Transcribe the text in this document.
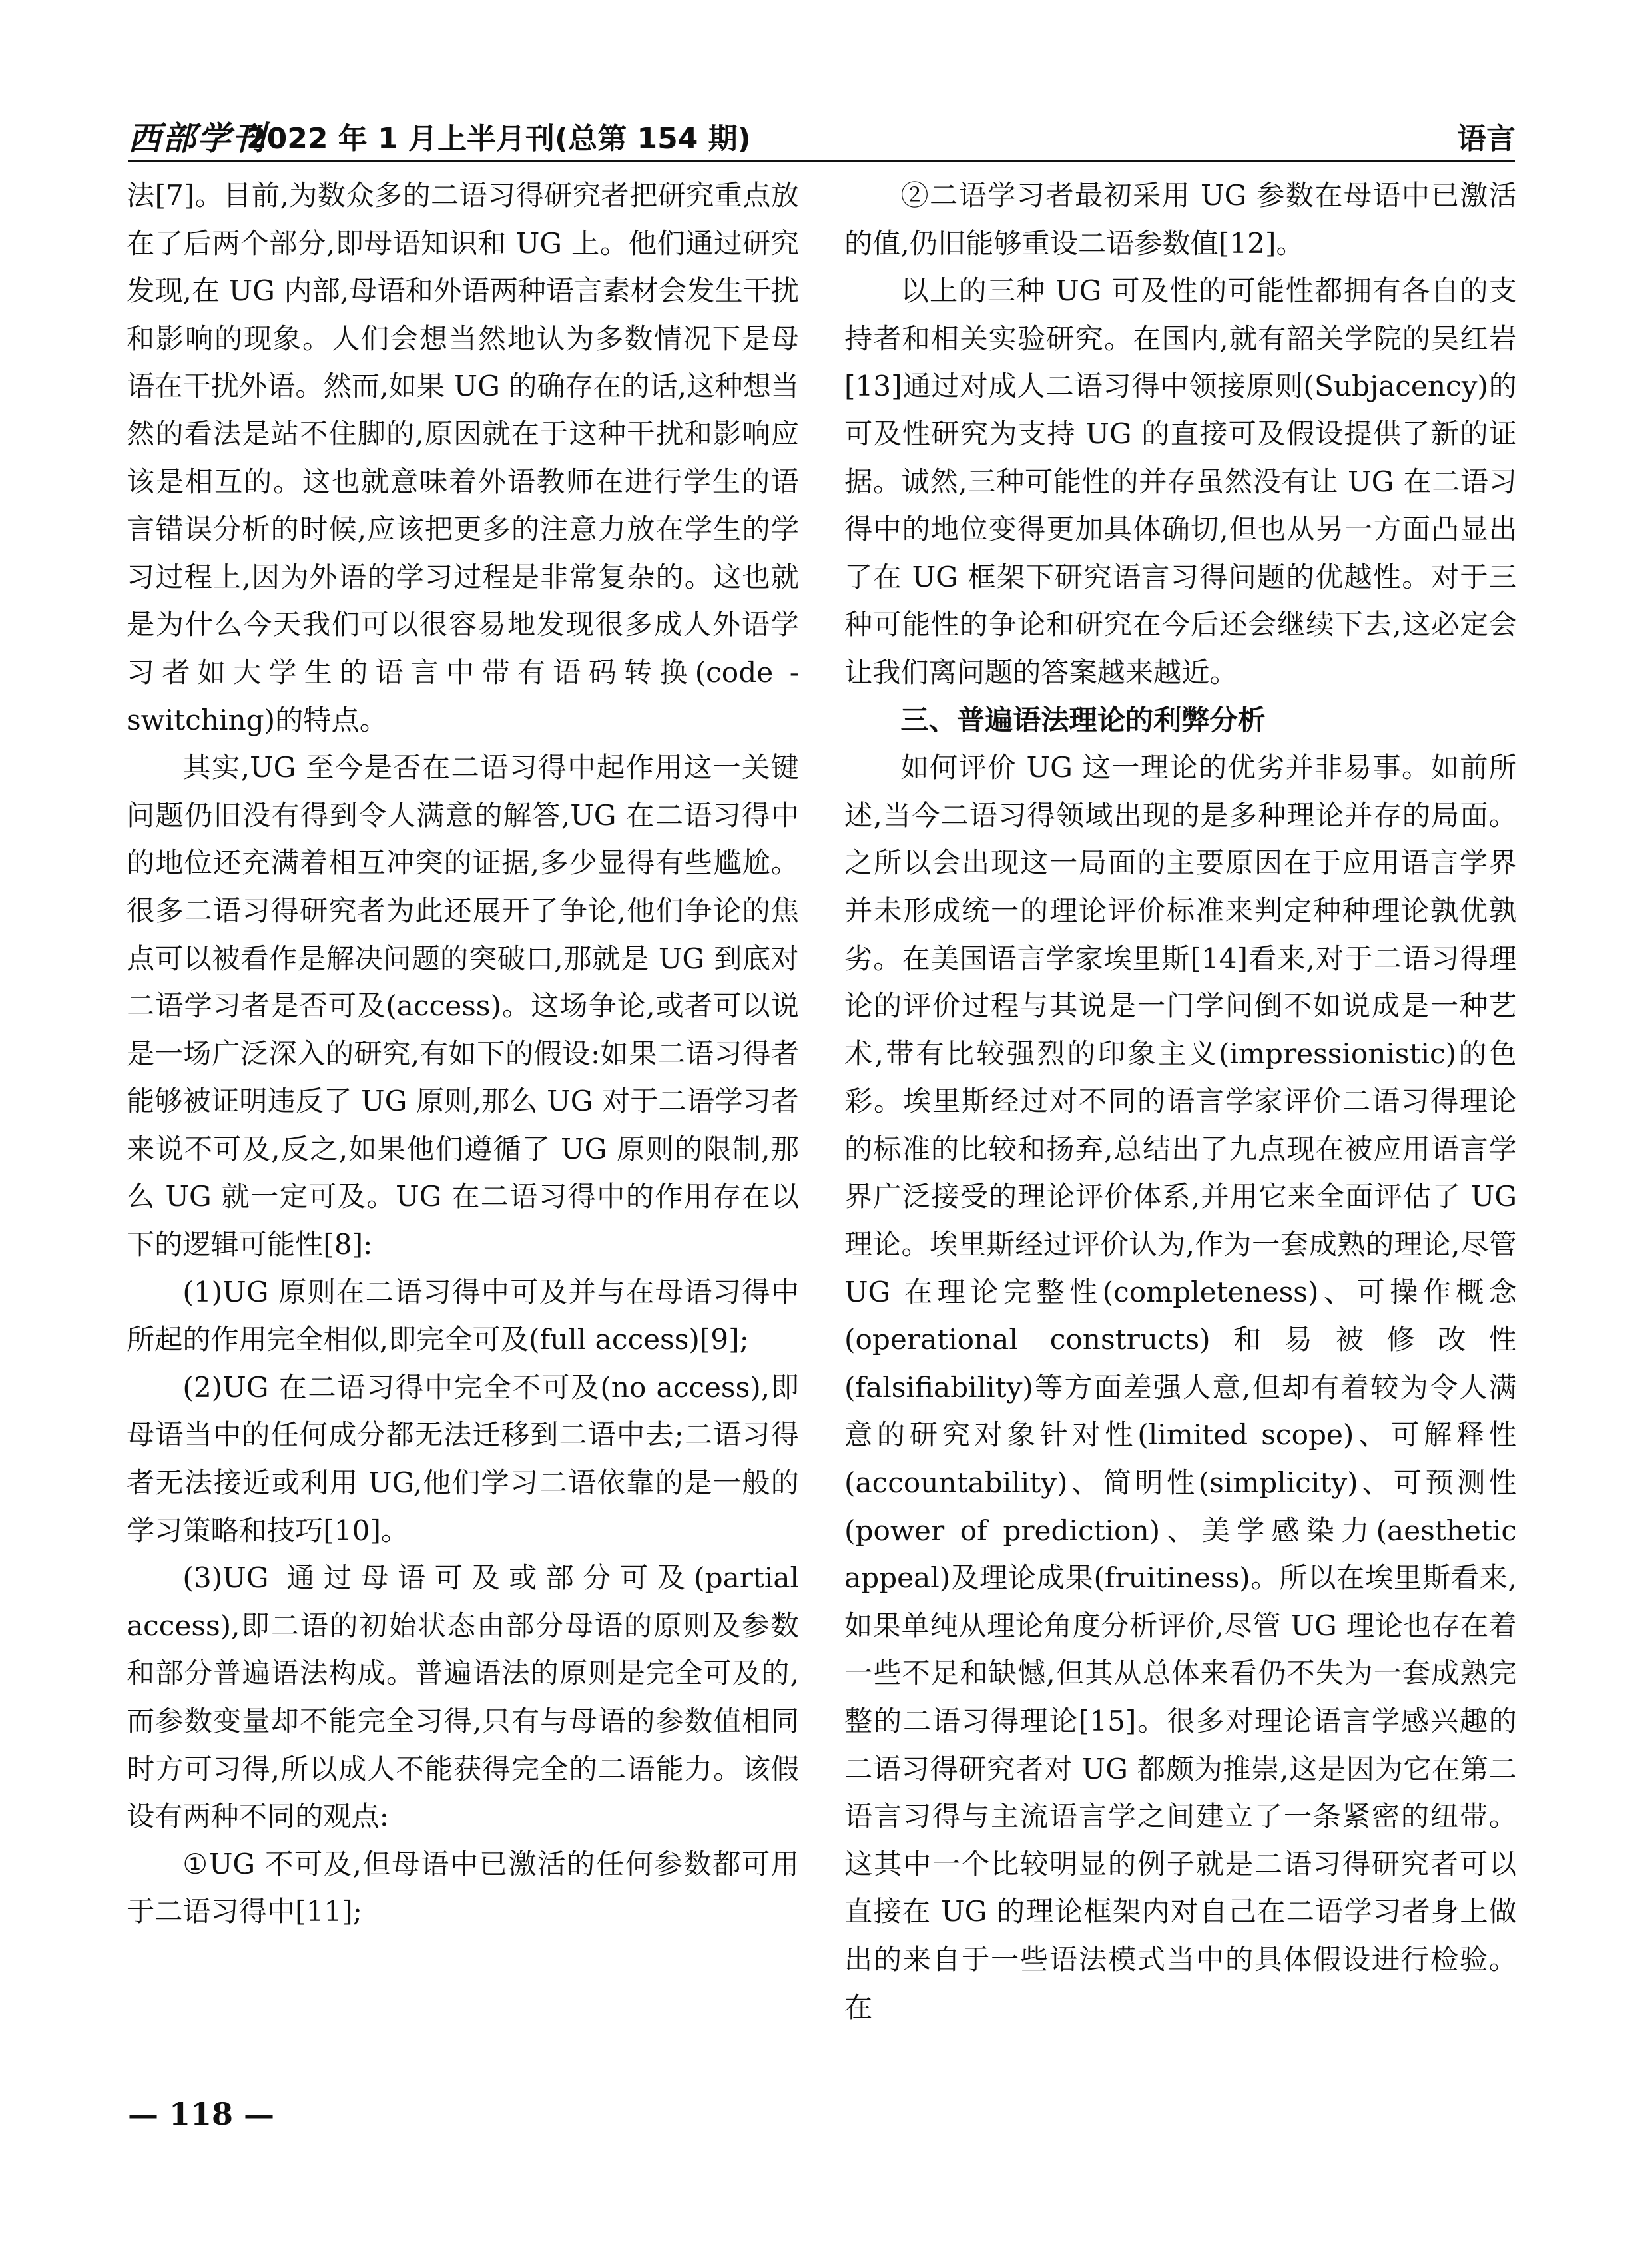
西部学刊
2022 年 1 月上半月刊(总第 154 期)	语言

法[7]。目前,为数众多的二语习得研究者把研究重点放在了后两个部分,即母语知识和 UG 上。他们通过研究发现,在 UG 内部,母语和外语两种语言素材会发生干扰和影响的现象。人们会想当然地认为多数情况下是母语在干扰外语。然而,如果 UG 的确存在的话,这种想当然的看法是站不住脚的,原因就在于这种干扰和影响应该是相互的。这也就意味着外语教师在进行学生的语言错误分析的时候,应该把更多的注意力放在学生的学习过程上,因为外语的学习过程是非常复杂的。这也就是为什么今天我们可以很容易地发现很多成人外语学习者如大学生的语言中带有语码转换(code - switching)的特点。

其实,UG 至今是否在二语习得中起作用这一关键问题仍旧没有得到令人满意的解答,UG 在二语习得中的地位还充满着相互冲突的证据,多少显得有些尴尬。很多二语习得研究者为此还展开了争论,他们争论的焦点可以被看作是解决问题的突破口,那就是 UG 到底对二语学习者是否可及(access)。这场争论,或者可以说是一场广泛深入的研究,有如下的假设:如果二语习得者能够被证明违反了 UG 原则,那么 UG 对于二语学习者来说不可及,反之,如果他们遵循了 UG 原则的限制,那么 UG 就一定可及。UG 在二语习得中的作用存在以下的逻辑可能性[8]:

(1)UG 原则在二语习得中可及并与在母语习得中所起的作用完全相似,即完全可及(full access)[9];

(2)UG 在二语习得中完全不可及(no access),即母语当中的任何成分都无法迁移到二语中去;二语习得者无法接近或利用 UG,他们学习二语依靠的是一般的学习策略和技巧[10]。

(3)UG 通过母语可及或部分可及(partial access),即二语的初始状态由部分母语的原则及参数和部分普遍语法构成。普遍语法的原则是完全可及的,而参数变量却不能完全习得,只有与母语的参数值相同时方可习得,所以成人不能获得完全的二语能力。该假设有两种不同的观点:

①UG 不可及,但母语中已激活的任何参数都可用于二语习得中[11];

②二语学习者最初采用 UG 参数在母语中已激活的值,仍旧能够重设二语参数值[12]。

以上的三种 UG 可及性的可能性都拥有各自的支持者和相关实验研究。在国内,就有韶关学院的吴红岩[13]通过对成人二语习得中领接原则(Subjacency)的可及性研究为支持 UG 的直接可及假设提供了新的证据。诚然,三种可能性的并存虽然没有让 UG 在二语习得中的地位变得更加具体确切,但也从另一方面凸显出了在 UG 框架下研究语言习得问题的优越性。对于三种可能性的争论和研究在今后还会继续下去,这必定会让我们离问题的答案越来越近。

三、普遍语法理论的利弊分析

如何评价 UG 这一理论的优劣并非易事。如前所述,当今二语习得领域出现的是多种理论并存的局面。之所以会出现这一局面的主要原因在于应用语言学界并未形成统一的理论评价标准来判定种种理论孰优孰劣。在美国语言学家埃里斯[14]看来,对于二语习得理论的评价过程与其说是一门学问倒不如说成是一种艺术,带有比较强烈的印象主义(impressionistic)的色彩。埃里斯经过对不同的语言学家评价二语习得理论的标准的比较和扬弃,总结出了九点现在被应用语言学界广泛接受的理论评价体系,并用它来全面评估了 UG 理论。埃里斯经过评价认为,作为一套成熟的理论,尽管 UG 在理论完整性(completeness)、可操作概念(operational constructs)和易被修改性(falsifiability)等方面差强人意,但却有着较为令人满意的研究对象针对性(limited scope)、可解释性(accountability)、简明性(simplicity)、可预测性(power of prediction)、美学感染力(aesthetic appeal)及理论成果(fruitiness)。所以在埃里斯看来,如果单纯从理论角度分析评价,尽管 UG 理论也存在着一些不足和缺憾,但其从总体来看仍不失为一套成熟完整的二语习得理论[15]。很多对理论语言学感兴趣的二语习得研究者对 UG 都颇为推崇,这是因为它在第二语言习得与主流语言学之间建立了一条紧密的纽带。这其中一个比较明显的例子就是二语习得研究者可以直接在 UG 的理论框架内对自己在二语学习者身上做出的来自于一些语法模式当中的具体假设进行检验。在

— 118 —
